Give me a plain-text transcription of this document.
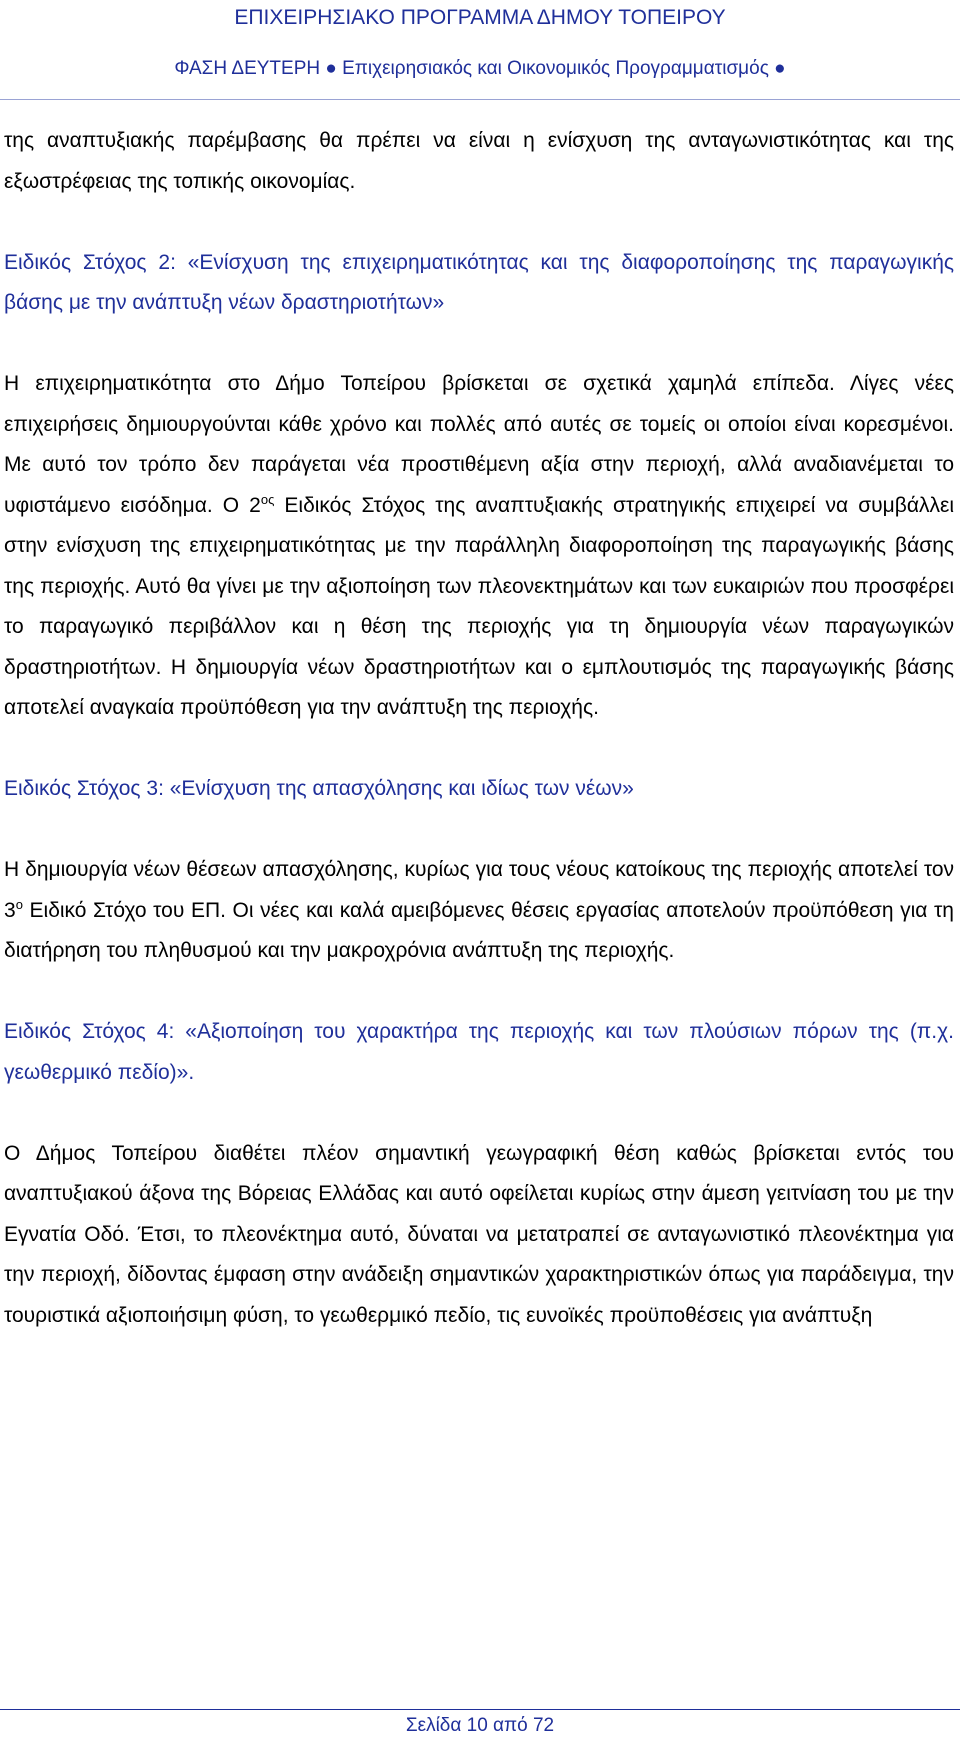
ΕΠΙΧΕΙΡΗΣΙΑΚΟ ΠΡΟΓΡΑΜΜΑ ΔΗΜΟΥ ΤΟΠΕΙΡΟΥ
ΦΑΣΗ ΔΕΥΤΕΡΗ ● Επιχειρησιακός και Οικονομικός Προγραμματισμός ●

της αναπτυξιακής παρέμβασης θα πρέπει να είναι η ενίσχυση της ανταγωνιστικότητας και της εξωστρέφειας της τοπικής οικονομίας.

Ειδικός Στόχος 2: «Ενίσχυση της επιχειρηματικότητας και της διαφοροποίησης της παραγωγικής βάσης με την ανάπτυξη νέων δραστηριοτήτων»

Η επιχειρηματικότητα στο Δήμο Τοπείρου βρίσκεται σε σχετικά χαμηλά επίπεδα. Λίγες νέες επιχειρήσεις δημιουργούνται κάθε χρόνο και πολλές από αυτές σε τομείς οι οποίοι είναι κορεσμένοι. Με αυτό τον τρόπο δεν παράγεται νέα προστιθέμενη αξία στην περιοχή, αλλά αναδιανέμεται το υφιστάμενο εισόδημα. Ο $2^{o\varsigma}$ Ειδικός Στόχος της αναπτυξιακής στρατηγικής επιχειρεί να συμβάλλει στην ενίσχυση της επιχειρηματικότητας με την παράλληλη διαφοροποίηση της παραγωγικής βάσης της περιοχής. Αυτό θα γίνει με την αξιοποίηση των πλεονεκτημάτων και των ευκαιριών που προσφέρει το παραγωγικό περιβάλλον και η θέση της περιοχής για τη δημιουργία νέων παραγωγικών δραστηριοτήτων. Η δημιουργία νέων δραστηριοτήτων και ο εμπλουτισμός της παραγωγικής βάσης αποτελεί αναγκαία προϋπόθεση για την ανάπτυξη της περιοχής.

Ειδικός Στόχος 3: «Ενίσχυση της απασχόλησης και ιδίως των νέων»

Η δημιουργία νέων θέσεων απασχόλησης, κυρίως για τους νέους κατοίκους της περιοχής αποτελεί τον $3^o$ Ειδικό Στόχο του ΕΠ. Οι νέες και καλά αμειβόμενες θέσεις εργασίας αποτελούν προϋπόθεση για τη διατήρηση του πληθυσμού και την μακροχρόνια ανάπτυξη της περιοχής.

Ειδικός Στόχος 4: «Αξιοποίηση του χαρακτήρα της περιοχής και των πλούσιων πόρων της (π.χ. γεωθερμικό πεδίο)».

Ο Δήμος Τοπείρου διαθέτει πλέον σημαντική γεωγραφική θέση καθώς βρίσκεται εντός του αναπτυξιακού άξονα της Βόρειας Ελλάδας και αυτό οφείλεται κυρίως στην άμεση γειτνίαση του με την Εγνατία Οδό. Έτσι, το πλεονέκτημα αυτό, δύναται να μετατραπεί σε ανταγωνιστικό πλεονέκτημα για την περιοχή, δίδοντας έμφαση στην ανάδειξη σημαντικών χαρακτηριστικών όπως για παράδειγμα, την τουριστικά αξιοποιήσιμη φύση, το γεωθερμικό πεδίο, τις ευνοϊκές προϋποθέσεις για ανάπτυξη

Σελίδα 10 από 72
